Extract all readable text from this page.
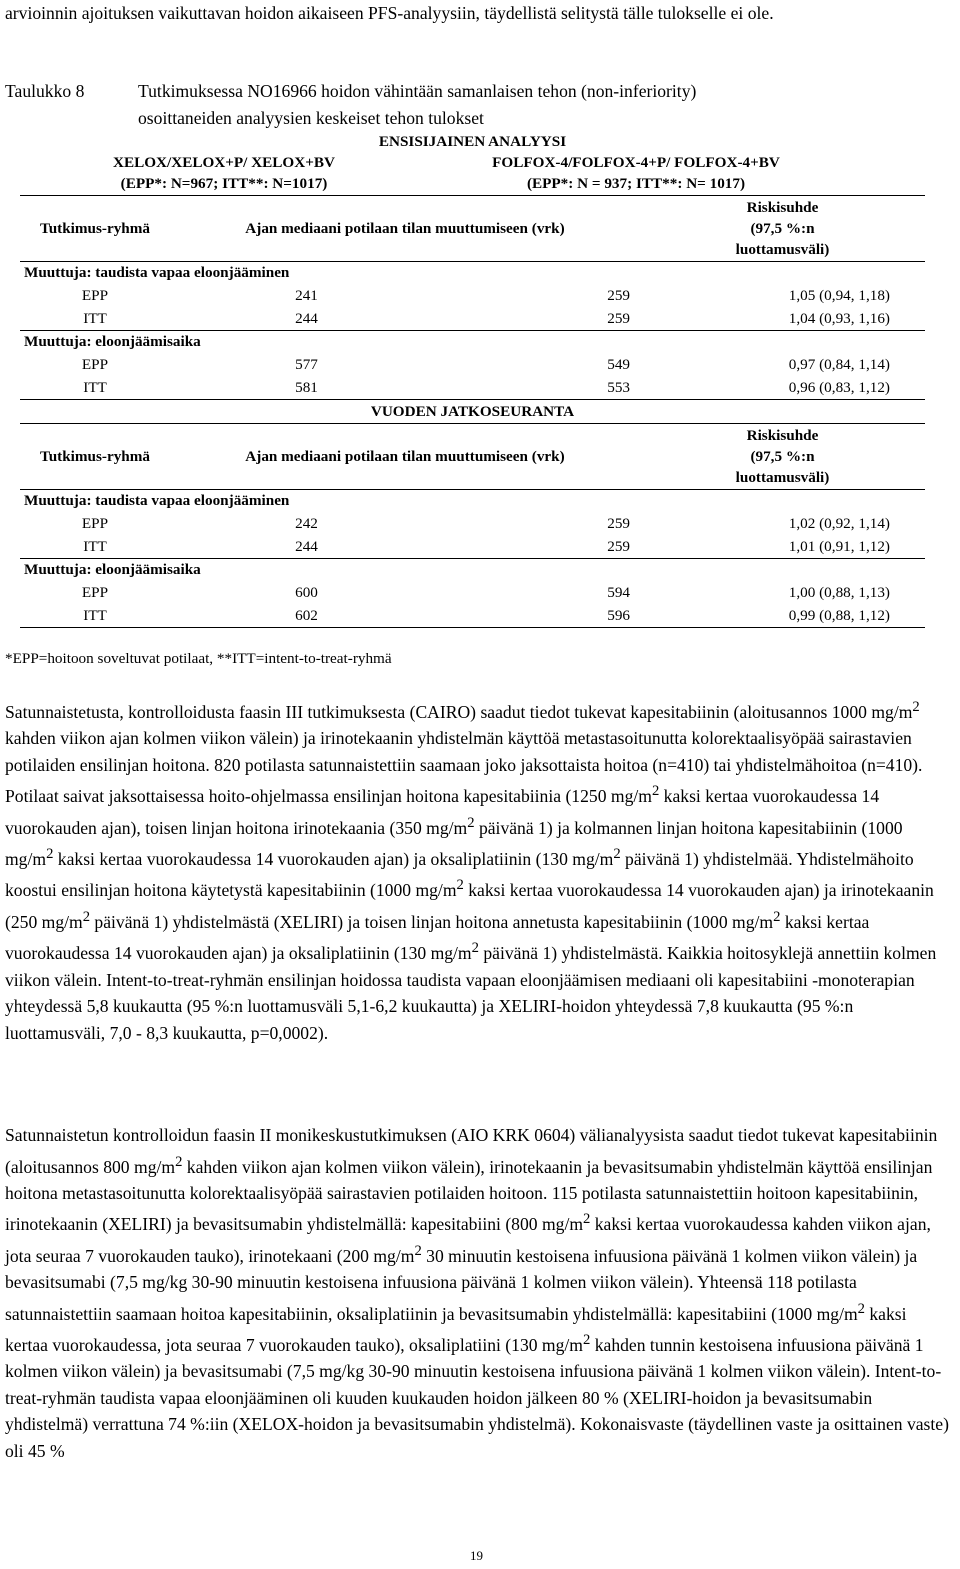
arvioinnin ajoituksen vaikuttavan hoidon aikaiseen PFS-analyysiin, täydellistä selitystä tälle tulokselle ei ole.
Taulukko 8	Tutkimuksessa NO16966 hoidon vähintään samanlaisen tehon (non-inferiority)
osoittaneiden analyysien keskeiset tehon tulokset
ENSISIJAINEN ANALYYSI			
XELOX/XELOX+P/ XELOX+BV		FOLFOX-4/FOLFOX-4+P/ FOLFOX-4+BV	
(EPP*: N=967; ITT**: N=1017)		(EPP*: N = 937; ITT**: N= 1017)	
Tutkimus-ryhmä	Ajan mediaani potilaan tilan muuttumiseen (vrk)		Riskisuhde
(97,5 %:n
luottamusväli)

Muuttuja: taudista vapaa eloonjääminen			
EPP	241	259	1,05 (0,94, 1,18)
ITT	244	259	1,04 (0,93, 1,16)
Muuttuja: eloonjäämisaika			
EPP	577	549	0,97 (0,84, 1,14)
ITT	581	553	0,96 (0,83, 1,12)
VUODEN JATKOSEURANTA			
Tutkimus-ryhmä	Ajan mediaani potilaan tilan muuttumiseen (vrk)		Riskisuhde
(97,5 %:n
luottamusväli)

Muuttuja: taudista vapaa eloonjääminen			
EPP	242	259	1,02 (0,92, 1,14)
ITT	244	259	1,01 (0,91, 1,12)
Muuttuja: eloonjäämisaika			
EPP	600	594	1,00 (0,88, 1,13)
ITT	602	596	0,99 (0,88, 1,12)
*EPP=hoitoon soveltuvat potilaat, **ITT=intent-to-treat-ryhmä
Satunnaistetusta, kontrolloidusta faasin III tutkimuksesta (CAIRO) saadut tiedot tukevat kapesitabiinin (aloitusannos 1000 $mg/m^2$ kahden viikon ajan kolmen viikon välein) ja irinotekaanin yhdistelmän käyttöä metastasoitunutta kolorektaalisyöpää sairastavien potilaiden ensilinjan hoitona. 820 potilasta satunnaistettiin saamaan joko jaksottaista hoitoa (n=410) tai yhdistelmähoitoa (n=410). Potilaat saivat jaksottaisessa hoito-ohjelmassa ensilinjan hoitona kapesitabiinia (1250 $mg/m^2$ kaksi kertaa vuorokaudessa 14 vuorokauden ajan), toisen linjan hoitona irinotekaania (350 $mg/m^2$ päivänä 1) ja kolmannen linjan hoitona kapesitabiinin (1000 $mg/m^2$ kaksi kertaa vuorokaudessa 14 vuorokauden ajan) ja oksaliplatiinin (130 $mg/m^2$ päivänä 1) yhdistelmää. Yhdistelmähoito koostui ensilinjan hoitona käytetystä kapesitabiinin (1000 $mg/m^2$ kaksi kertaa vuorokaudessa 14 vuorokauden ajan) ja irinotekaanin (250 $mg/m^2$ päivänä 1) yhdistelmästä (XELIRI) ja toisen linjan hoitona annetusta kapesitabiinin (1000 $mg/m^2$ kaksi kertaa vuorokaudessa 14 vuorokauden ajan) ja oksaliplatiinin (130 $mg/m^2$ päivänä 1) yhdistelmästä. Kaikkia hoitosyklejä annettiin kolmen viikon välein. Intent-to-treat-ryhmän ensilinjan hoidossa taudista vapaan eloonjäämisen mediaani oli kapesitabiini -monoterapian yhteydessä 5,8 kuukautta (95 %:n luottamusväli 5,1-6,2 kuukautta) ja XELIRI-hoidon yhteydessä 7,8 kuukautta (95 %:n luottamusväli, 7,0 - 8,3 kuukautta, p=0,0002).
Satunnaistetun kontrolloidun faasin II monikeskustutkimuksen (AIO KRK 0604) välianalyysista saadut tiedot tukevat kapesitabiinin (aloitusannos 800 $mg/m^2$ kahden viikon ajan kolmen viikon välein), irinotekaanin ja bevasitsumabin yhdistelmän käyttöä ensilinjan hoitona metastasoitunutta kolorektaalisyöpää sairastavien potilaiden hoitoon. 115 potilasta satunnaistettiin hoitoon kapesitabiinin, irinotekaanin (XELIRI) ja bevasitsumabin yhdistelmällä: kapesitabiini (800 $mg/m^2$ kaksi kertaa vuorokaudessa kahden viikon ajan, jota seuraa 7 vuorokauden tauko), irinotekaani (200 $mg/m^2$ 30 minuutin kestoisena infuusiona päivänä 1 kolmen viikon välein) ja bevasitsumabi (7,5 mg/kg 30-90 minuutin kestoisena infuusiona päivänä 1 kolmen viikon välein). Yhteensä 118 potilasta satunnaistettiin saamaan hoitoa kapesitabiinin, oksaliplatiinin ja bevasitsumabin yhdistelmällä: kapesitabiini (1000 $mg/m^2$ kaksi kertaa vuorokaudessa, jota seuraa 7 vuorokauden tauko), oksaliplatiini (130 $mg/m^2$ kahden tunnin kestoisena infuusiona päivänä 1 kolmen viikon välein) ja bevasitsumabi (7,5 mg/kg 30-90 minuutin kestoisena infuusiona päivänä 1 kolmen viikon välein). Intent-to-treat-ryhmän taudista vapaa eloonjääminen oli kuuden kuukauden hoidon jälkeen 80 % (XELIRI-hoidon ja bevasitsumabin yhdistelmä) verrattuna 74 %:iin (XELOX-hoidon ja bevasitsumabin yhdistelmä). Kokonaisvaste (täydellinen vaste ja osittainen vaste) oli 45 %
19
